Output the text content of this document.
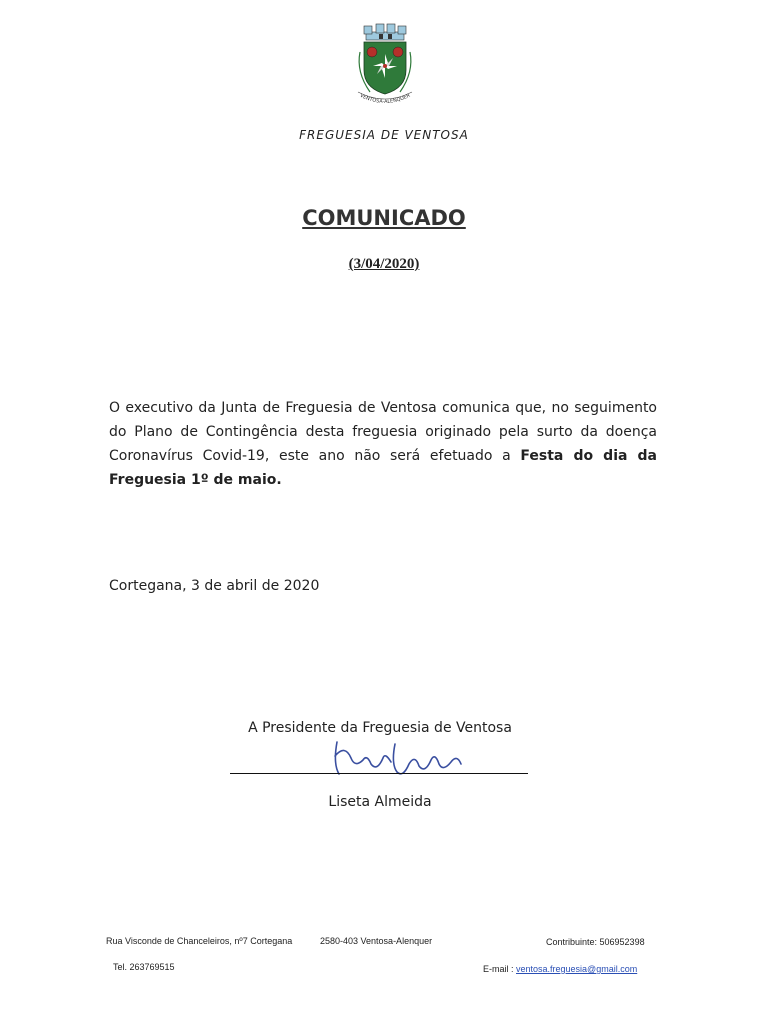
VENTOSA-ALENQUER
FREGUESIA DE VENTOSA
COMUNICADO
(3/04/2020)
O executivo da Junta de Freguesia de Ventosa comunica que, no seguimento do Plano de Contingência desta freguesia originado pela surto da doença Coronavírus Covid-19, este ano não será efetuado a Festa do dia da Freguesia 1º de maio.
Cortegana, 3 de abril de 2020
A Presidente da Freguesia de Ventosa
Liseta Almeida
Rua Visconde de Chanceleiros, nº7 Cortegana	2580-403 Ventosa-Alenquer	Contribuinte: 506952398
Tel. 263769515	E-mail : ventosa.freguesia@gmail.com
